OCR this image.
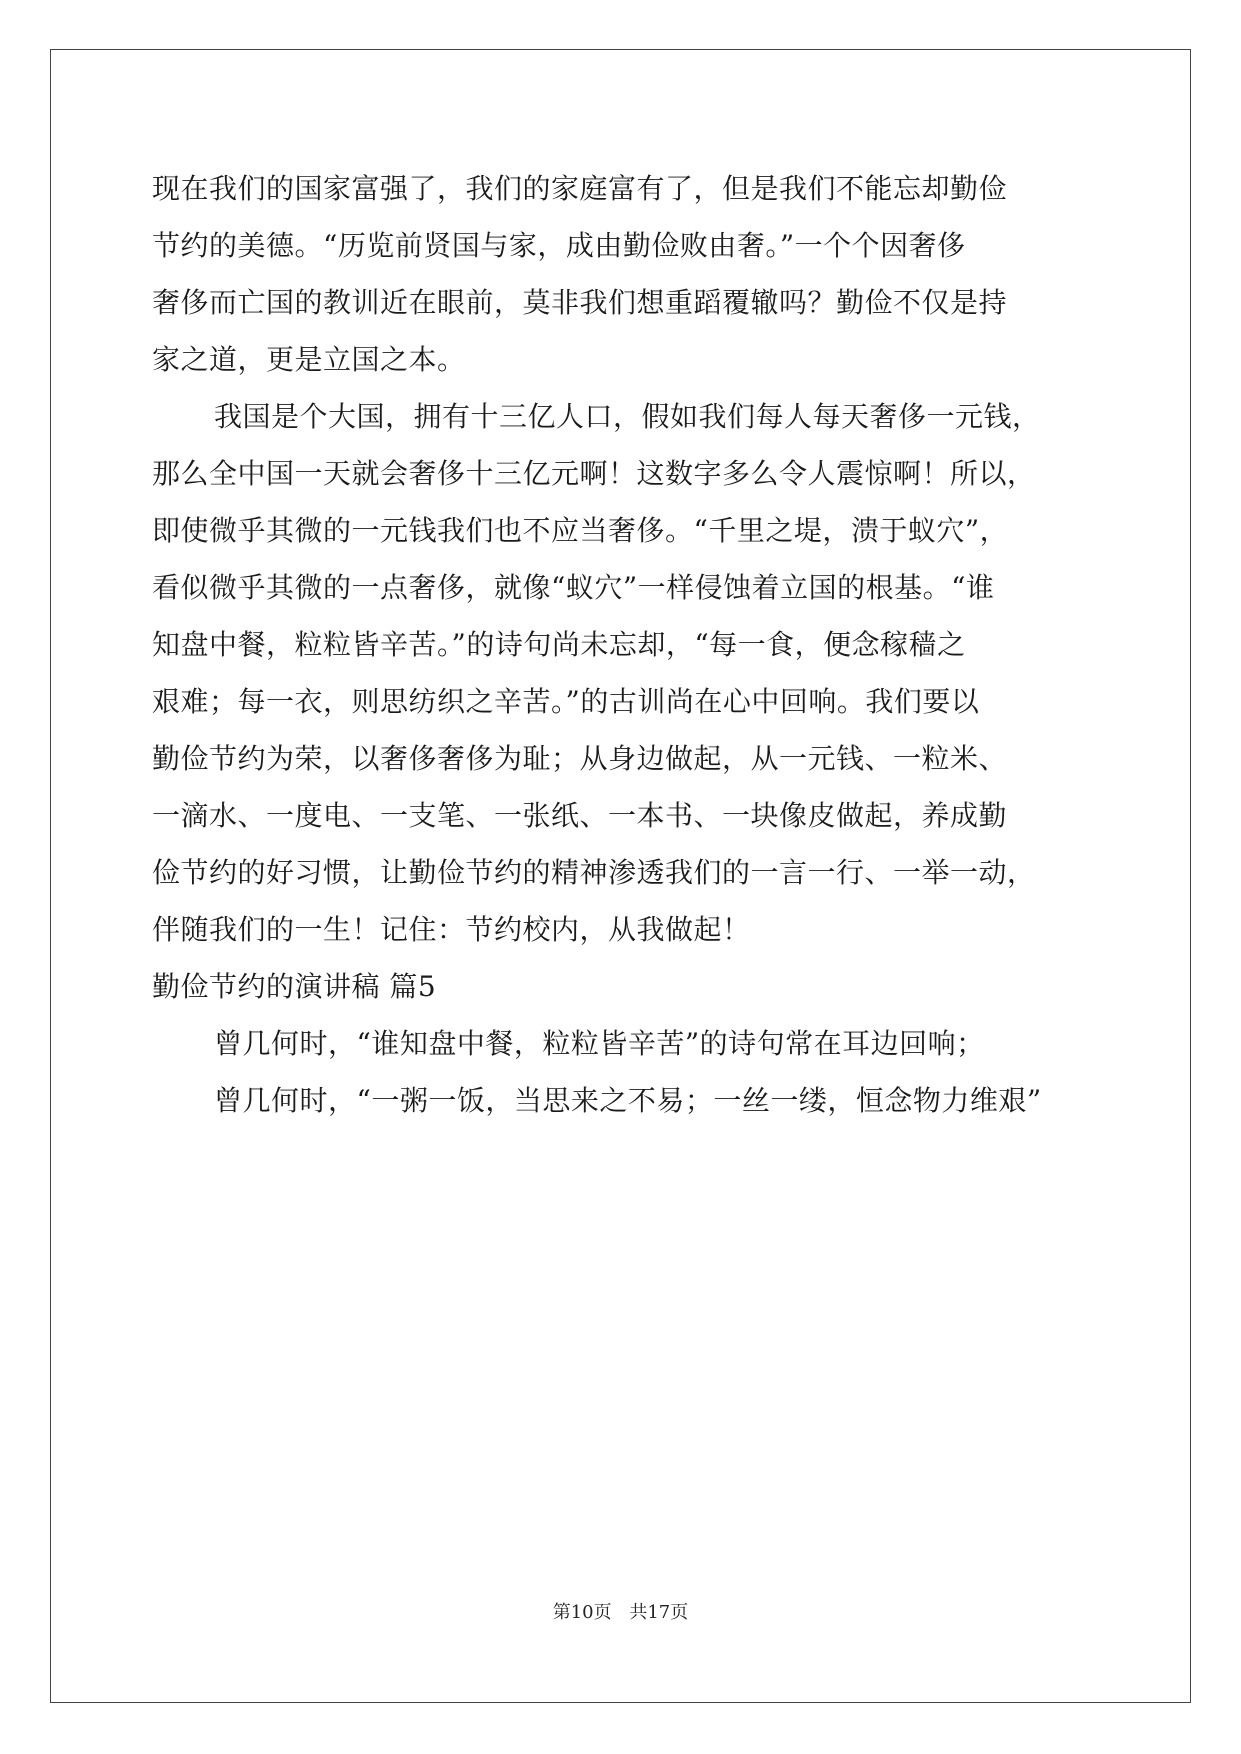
现在我们的国家富强了，我们的家庭富有了，但是我们不能忘却勤俭
节约的美德。“历览前贤国与家，成由勤俭败由奢。”一个个因奢侈
奢侈而亡国的教训近在眼前，莫非我们想重蹈覆辙吗？勤俭不仅是持
家之道，更是立国之本。
我国是个大国，拥有十三亿人口，假如我们每人每天奢侈一元钱，
那么全中国一天就会奢侈十三亿元啊！这数字多么令人震惊啊！所以，
即使微乎其微的一元钱我们也不应当奢侈。“千里之堤，溃于蚁穴”，
看似微乎其微的一点奢侈，就像“蚁穴”一样侵蚀着立国的根基。“谁
知盘中餐，粒粒皆辛苦。”的诗句尚未忘却，“每一食，便念稼穑之
艰难；每一衣，则思纺织之辛苦。”的古训尚在心中回响。我们要以
勤俭节约为荣，以奢侈奢侈为耻；从身边做起，从一元钱、一粒米、
一滴水、一度电、一支笔、一张纸、一本书、一块像皮做起，养成勤
俭节约的好习惯，让勤俭节约的精神渗透我们的一言一行、一举一动，
伴随我们的一生！记住：节约校内，从我做起！
勤俭节约的演讲稿 篇5
曾几何时，“谁知盘中餐，粒粒皆辛苦”的诗句常在耳边回响；
曾几何时，“一粥一饭，当思来之不易；一丝一缕，恒念物力维艰”
第10页 共17页
